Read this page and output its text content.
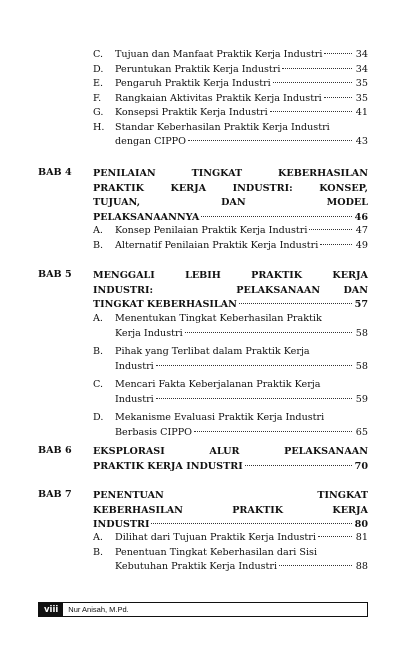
C.	Tujuan dan Manfaat Praktik Kerja Industri	34
D.	Peruntukan Praktik Kerja Industri	34
E.	Pengaruh Praktik Kerja Industri	35
F.	Rangkaian Aktivitas Praktik Kerja Industri	35
G.	Konsepsi Praktik Kerja Industri	41
H.	Standar Keberhasilan Praktik Kerja Industri
dengan CIPPO	43
BAB 4 PENILAIAN	TINGKAT	KEBERHASILAN
PRAKTIK	KERJA	INDUSTRI:	KONSEP,
TUJUAN,	DAN	MODEL
PELAKSANAANNYA	46
A.	Konsep Penilaian Praktik Kerja Industri	47
B.	Alternatif Penilaian Praktik Kerja Industri	49
BAB 5 MENGGALI	LEBIH	PRAKTIK	KERJA
INDUSTRI:	PELAKSANAAN DAN
TINGKAT KEBERHASILAN	57
A.	Menentukan Tingkat Keberhasilan Praktik
Kerja Industri	58
B.	Pihak yang Terlibat dalam Praktik Kerja
Industri	58
C.	Mencari Fakta Keberjalanan Praktik Kerja
Industri	59
D.	Mekanisme Evaluasi Praktik Kerja Industri
Berbasis CIPPO	65
BAB 6 EKSPLORASI	ALUR	PELAKSANAAN
PRAKTIK KERJA INDUSTRI	70
BAB 7 PENENTUAN	TINGKAT
KEBERHASILAN	PRAKTIK	KERJA
INDUSTRI	80
A.	Dilihat dari Tujuan Praktik Kerja Industri	81
B.	Penentuan Tingkat Keberhasilan dari Sisi
Kebutuhan Praktik Kerja Industri	88
viii	Nur Anisah, M.Pd.
